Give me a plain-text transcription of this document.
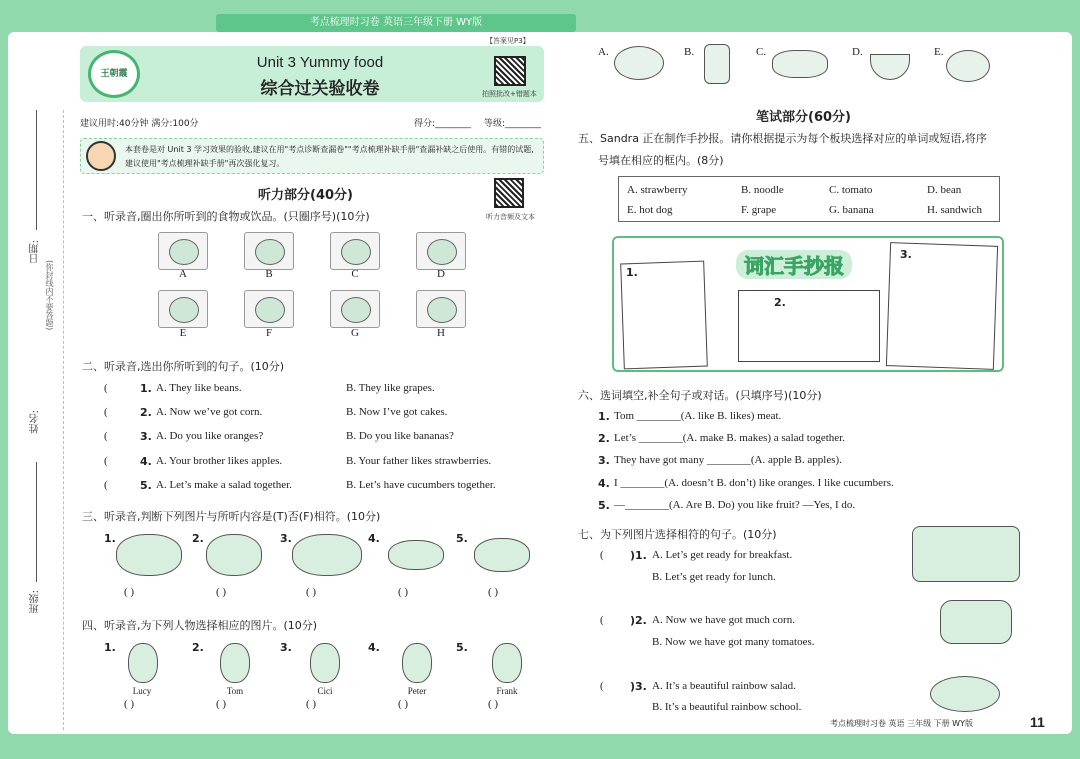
考点梳理时习卷 英语三年级下册 WY版
日期:
(你封线内不要答题)
姓名:
班级:
王朝霞
Unit 3 Yummy food
综合过关验收卷
【答案见P3】
拍照批改+错题本
建议用时:40分钟 满分:100分	得分:________ 等级:________
本套卷是对 Unit 3 学习效果的验收,建议在用"考点诊断查漏卷""考点梳理补缺手册"查漏补缺之后使用。有错的试题,建议使用"考点梳理补缺手册"再次强化复习。
听力部分(40分)
听力音频及文本
一、听录音,圈出你所听到的食物或饮品。(只圈序号)(10分)
A	B	C	D
E	F	G	H
二、听录音,选出你所听到的句子。(10分)
(	1. A. They like beans.	B. They like grapes.
(	2. A. Now we’ve got corn.	B. Now I’ve got cakes.
(	3. A. Do you like oranges?	B. Do you like bananas?
(	4. A. Your brother likes apples.	B. Your father likes strawberries.
(	5. A. Let’s make a salad together.	B. Let’s have cucumbers together.
三、听录音,判断下列图片与所听内容是(T)否(F)相符。(10分)
1.
( )
2.
( )
3.
( )
4.
( )
5.
( )
四、听录音,为下列人物选择相应的图片。(10分)
1.
Lucy
( )
2.
Tom
( )
3.
Cici
( )
4.
Peter
( )
5.
Frank
( )
A.	B.	C.	D.	E.
笔试部分(60分)
五、Sandra 正在制作手抄报。请你根据提示为每个板块选择对应的单词或短语,将序
号填在相应的框内。(8分)
A. strawberry	B. noodle	C. tomato	D. bean
E. hot dog	F. grape	G. banana	H. sandwich
词汇手抄报
1.
2.
3.
六、选词填空,补全句子或对话。(只填序号)(10分)
1. Tom ________(A. like B. likes) meat.
2. Let’s ________(A. make B. makes) a salad together.
3. They have got many ________(A. apple B. apples).
4. I ________(A. doesn’t B. don’t) like oranges. I like cucumbers.
5. —________(A. Are B. Do) you like fruit? —Yes, I do.
七、为下列图片选择相符的句子。(10分)
( )1. A. Let’s get ready for breakfast.
B. Let’s get ready for lunch.
( )2. A. Now we have got much corn.
B. Now we have got many tomatoes.
( )3. A. It’s a beautiful rainbow salad.
B. It’s a beautiful rainbow school.
考点梳理时习卷 英语 三年级 下册 WY版	11
